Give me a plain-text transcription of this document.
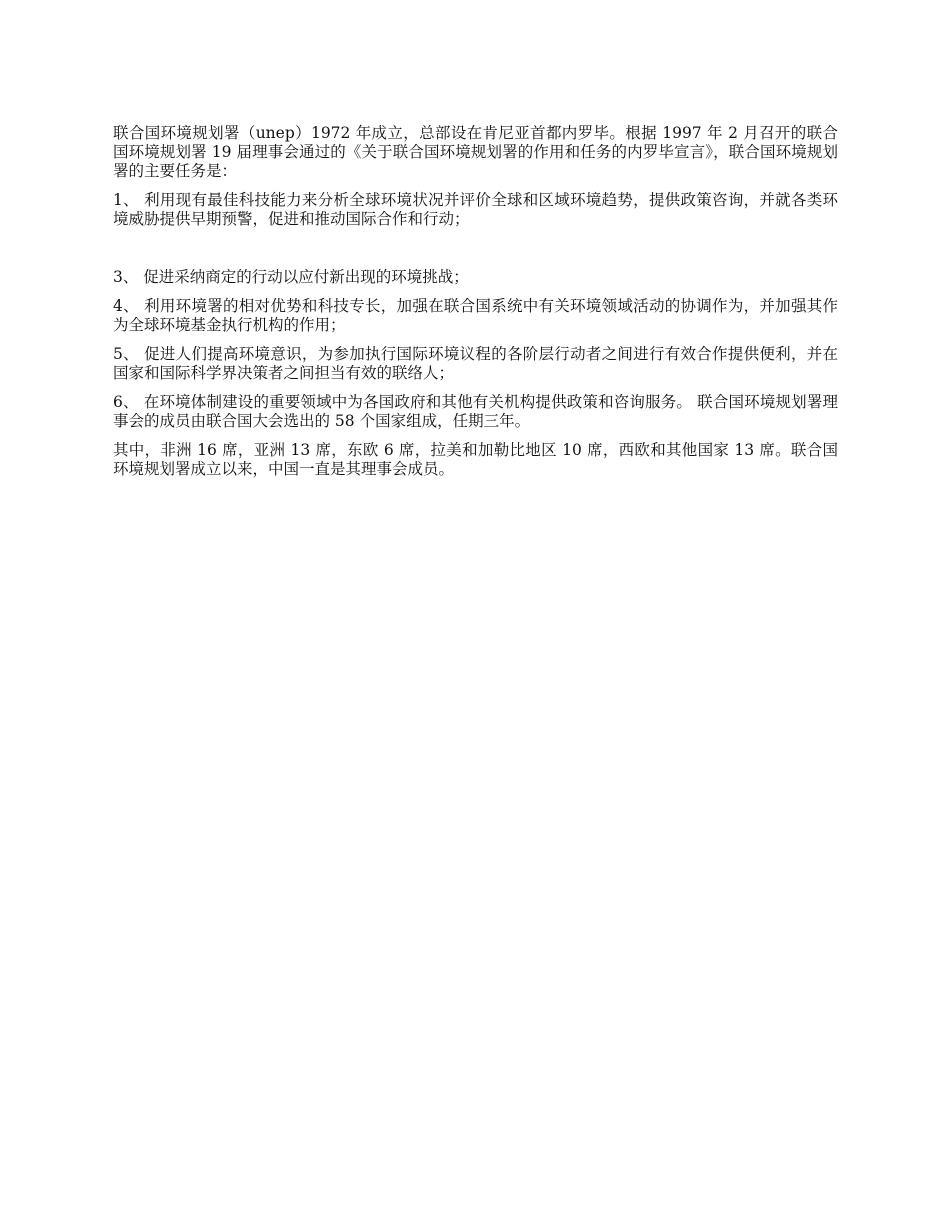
联合国环境规划署（unep）1972 年成立，总部设在肯尼亚首都内罗毕。根据 1997 年 2 月召开的联合国环境规划署 19 届理事会通过的《关于联合国环境规划署的作用和任务的内罗毕宣言》，联合国环境规划署的主要任务是：

1、 利用现有最佳科技能力来分析全球环境状况并评价全球和区域环境趋势，提供政策咨询，并就各类环境威胁提供早期预警，促进和推动国际合作和行动；

3、 促进采纳商定的行动以应付新出现的环境挑战；

4、 利用环境署的相对优势和科技专长，加强在联合国系统中有关环境领域活动的协调作为，并加强其作为全球环境基金执行机构的作用；

5、 促进人们提高环境意识，为参加执行国际环境议程的各阶层行动者之间进行有效合作提供便利，并在国家和国际科学界决策者之间担当有效的联络人；

6、 在环境体制建设的重要领域中为各国政府和其他有关机构提供政策和咨询服务。 联合国环境规划署理事会的成员由联合国大会选出的 58 个国家组成，任期三年。

其中，非洲 16 席，亚洲 13 席，东欧 6 席，拉美和加勒比地区 10 席，西欧和其他国家 13 席。联合国环境规划署成立以来，中国一直是其理事会成员。
